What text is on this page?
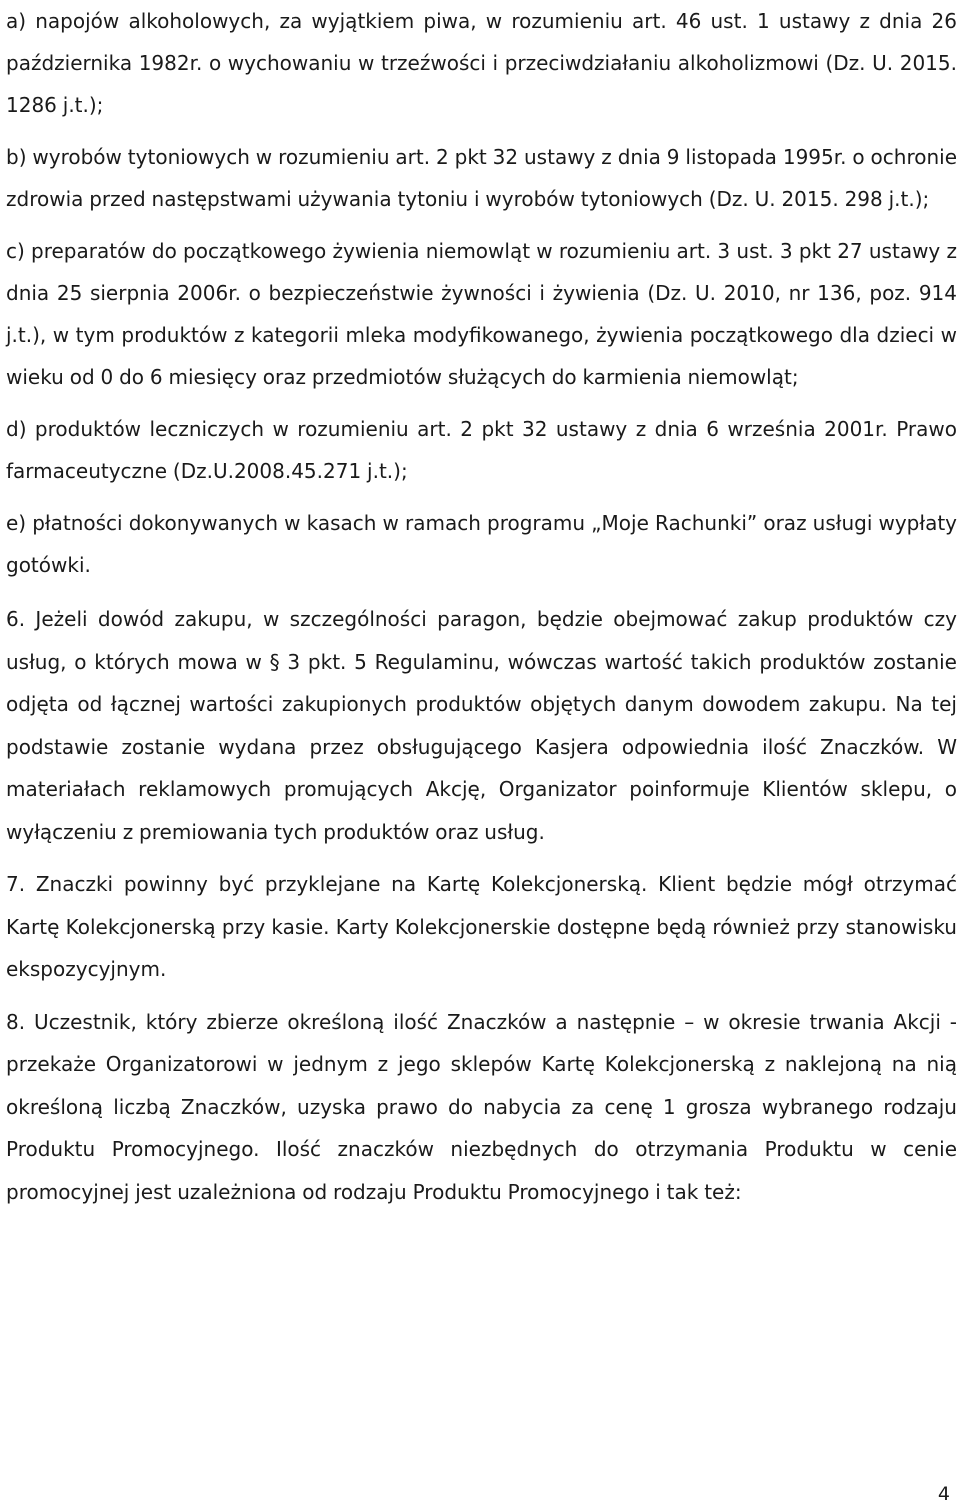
a) napojów alkoholowych, za wyjątkiem piwa, w rozumieniu art. 46 ust. 1 ustawy z dnia 26 października 1982r. o wychowaniu w trzeźwości i przeciwdziałaniu alkoholizmowi (Dz. U. 2015. 1286 j.t.);

b) wyrobów tytoniowych w rozumieniu art. 2 pkt 32 ustawy z dnia 9 listopada 1995r. o ochronie zdrowia przed następstwami używania tytoniu i wyrobów tytoniowych (Dz. U. 2015. 298 j.t.);

c) preparatów do początkowego żywienia niemowląt w rozumieniu art. 3 ust. 3 pkt 27 ustawy z dnia 25 sierpnia 2006r. o bezpieczeństwie żywności i żywienia (Dz. U. 2010, nr 136, poz. 914 j.t.), w tym produktów z kategorii mleka modyfikowanego, żywienia początkowego dla dzieci w wieku od 0 do 6 miesięcy oraz przedmiotów służących do karmienia niemowląt;

d) produktów leczniczych w rozumieniu art. 2 pkt 32 ustawy z dnia 6 września 2001r. Prawo farmaceutyczne (Dz.U.2008.45.271 j.t.);

e) płatności dokonywanych w kasach w ramach programu „Moje Rachunki” oraz usługi wypłaty gotówki.

6. Jeżeli dowód zakupu, w szczególności paragon, będzie obejmować zakup produktów czy usług, o których mowa w § 3 pkt. 5 Regulaminu, wówczas wartość takich produktów zostanie odjęta od łącznej wartości zakupionych produktów objętych danym dowodem zakupu. Na tej podstawie zostanie wydana przez obsługującego Kasjera odpowiednia ilość Znaczków. W materiałach reklamowych promujących Akcję, Organizator poinformuje Klientów sklepu, o wyłączeniu z premiowania tych produktów oraz usług.

7. Znaczki powinny być przyklejane na Kartę Kolekcjonerską. Klient będzie mógł otrzymać Kartę Kolekcjonerską przy kasie. Karty Kolekcjonerskie dostępne będą również przy stanowisku ekspozycyjnym.

8. Uczestnik, który zbierze określoną ilość Znaczków a następnie – w okresie trwania Akcji - przekaże Organizatorowi w jednym z jego sklepów Kartę Kolekcjonerską z naklejoną na nią określoną liczbą Znaczków, uzyska prawo do nabycia za cenę 1 grosza wybranego rodzaju Produktu Promocyjnego. Ilość znaczków niezbędnych do otrzymania Produktu w cenie promocyjnej jest uzależniona od rodzaju Produktu Promocyjnego i tak też:

4
